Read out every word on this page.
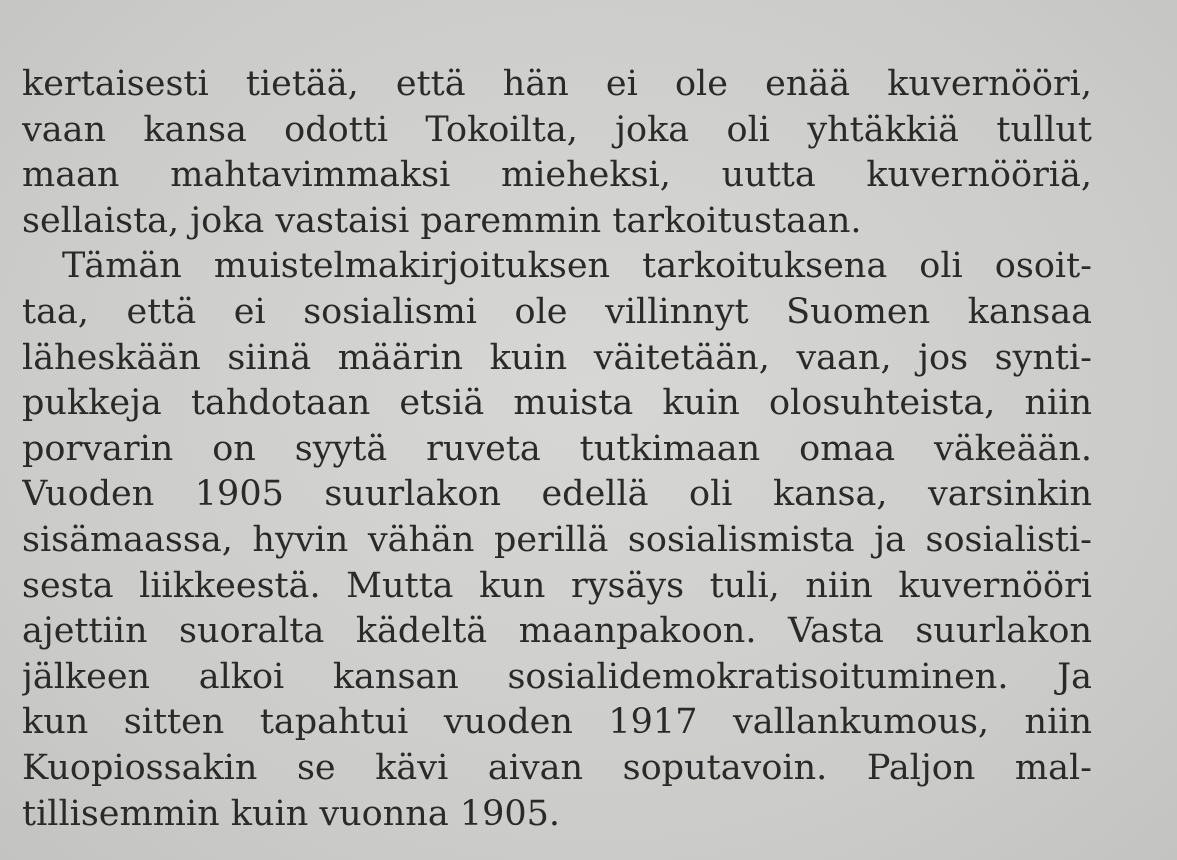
kertaisesti tietää, että hän ei ole enää kuvernööri,
vaan kansa odotti Tokoilta, joka oli yhtäkkiä tullut
maan mahtavimmaksi mieheksi, uutta kuvernööriä,
sellaista, joka vastaisi paremmin tarkoitustaan.
Tämän muistelmakirjoituksen tarkoituksena oli osoit-
taa, että ei sosialismi ole villinnyt Suomen kansaa
läheskään siinä määrin kuin väitetään, vaan, jos synti-
pukkeja tahdotaan etsiä muista kuin olosuhteista, niin
porvarin on syytä ruveta tutkimaan omaa väkeään.
Vuoden 1905 suurlakon edellä oli kansa, varsinkin
sisämaassa, hyvin vähän perillä sosialismista ja sosialisti-
sesta liikkeestä. Mutta kun rysäys tuli, niin kuvernööri
ajettiin suoralta kädeltä maanpakoon. Vasta suurlakon
jälkeen alkoi kansan sosialidemokratisoituminen. Ja
kun sitten tapahtui vuoden 1917 vallankumous, niin
Kuopiossakin se kävi aivan soputavoin. Paljon mal-
tillisemmin kuin vuonna 1905.
